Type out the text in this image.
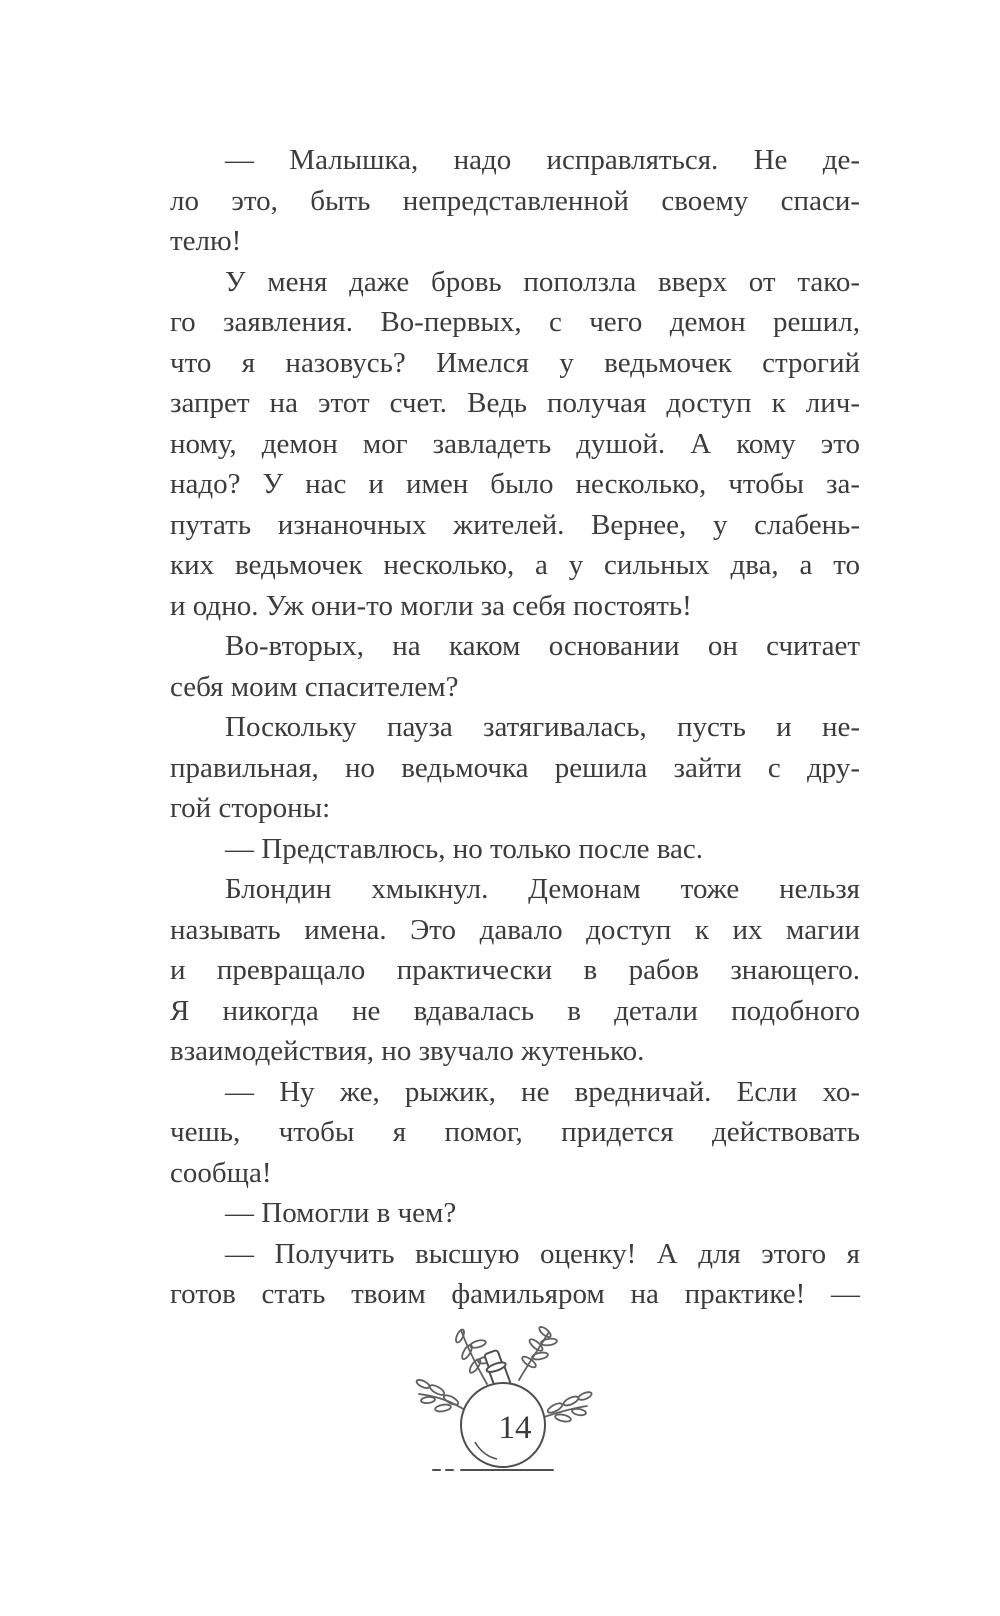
— Малышка, надо исправляться. Не де-
ло это, быть непредставленной своему спаси-
телю!
У меня даже бровь поползла вверх от тако-
го заявления. Во-первых, с чего демон решил,
что я назовусь? Имелся у ведьмочек строгий
запрет на этот счет. Ведь получая доступ к лич-
ному, демон мог завладеть душой. А кому это
надо? У нас и имен было несколько, чтобы за-
путать изнаночных жителей. Вернее, у слабень-
ких ведьмочек несколько, а у сильных два, а то
и одно. Уж они-то могли за себя постоять!
Во-вторых, на каком основании он считает
себя моим спасителем?
Поскольку пауза затягивалась, пусть и не-
правильная, но ведьмочка решила зайти с дру-
гой стороны:
— Представлюсь, но только после вас.
Блондин хмыкнул. Демонам тоже нельзя
называть имена. Это давало доступ к их магии
и превращало практически в рабов знающего.
Я никогда не вдавалась в детали подобного
взаимодействия, но звучало жутенько.
— Ну же, рыжик, не вредничай. Если хо-
чешь, чтобы я помог, придется действовать
сообща!
— Помогли в чем?
— Получить высшую оценку! А для этого я
готов стать твоим фамильяром на практике! —
14
